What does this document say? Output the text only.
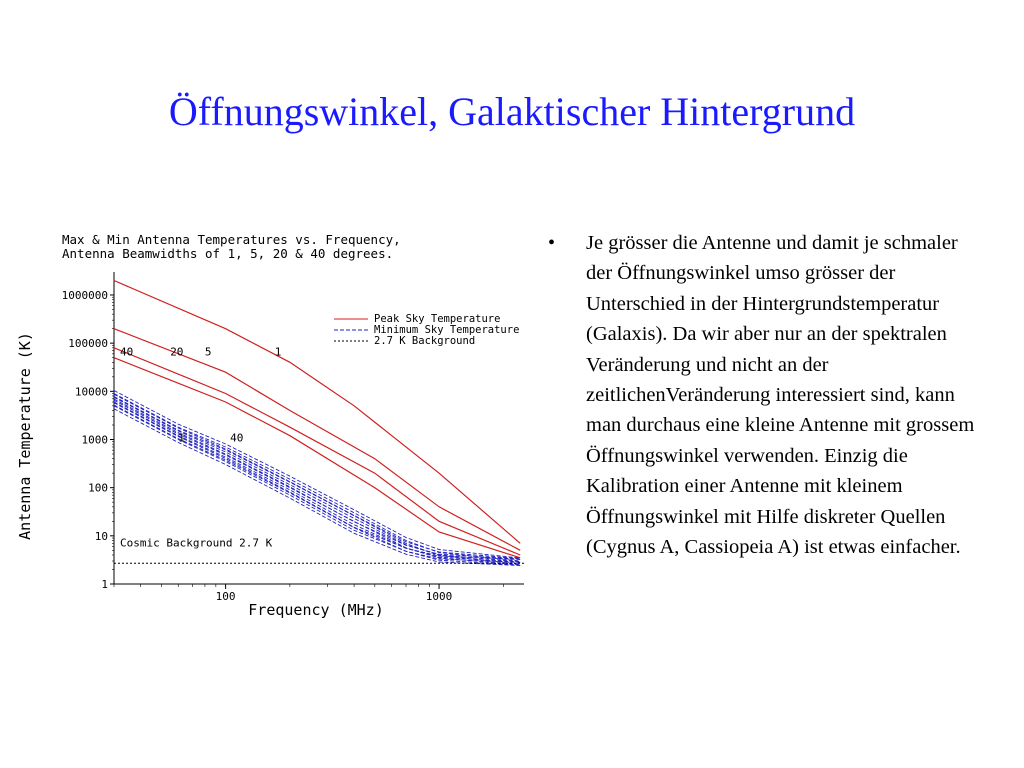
Öffnungswinkel, Galaktischer Hintergrund
Max & Min Antenna Temperatures vs. Frequency,
Antenna Beamwidths of 1, 5, 20 & 40 degrees.
Frequency (MHz)
Antenna Temperature (K)
1
10
100
1000
10000
100000
1000000
100	1000
40	20 5	1
1	40
Cosmic Background 2.7 K
Peak Sky Temperature
Minimum Sky Temperature
2.7 K Background
• Je grösser die Antenne und damit je schmaler der Öffnungswinkel umso grösser der Unterschied in der Hintergrundstemperatur (Galaxis). Da wir aber nur an der spektralen Veränderung und nicht an der zeitlichenVeränderung interessiert sind, kann man durchaus eine kleine Antenne mit grossem Öffnungswinkel verwenden. Einzig die Kalibration einer Antenne mit kleinem Öffnungswinkel mit Hilfe diskreter Quellen (Cygnus A, Cassiopeia A) ist etwas einfacher.
